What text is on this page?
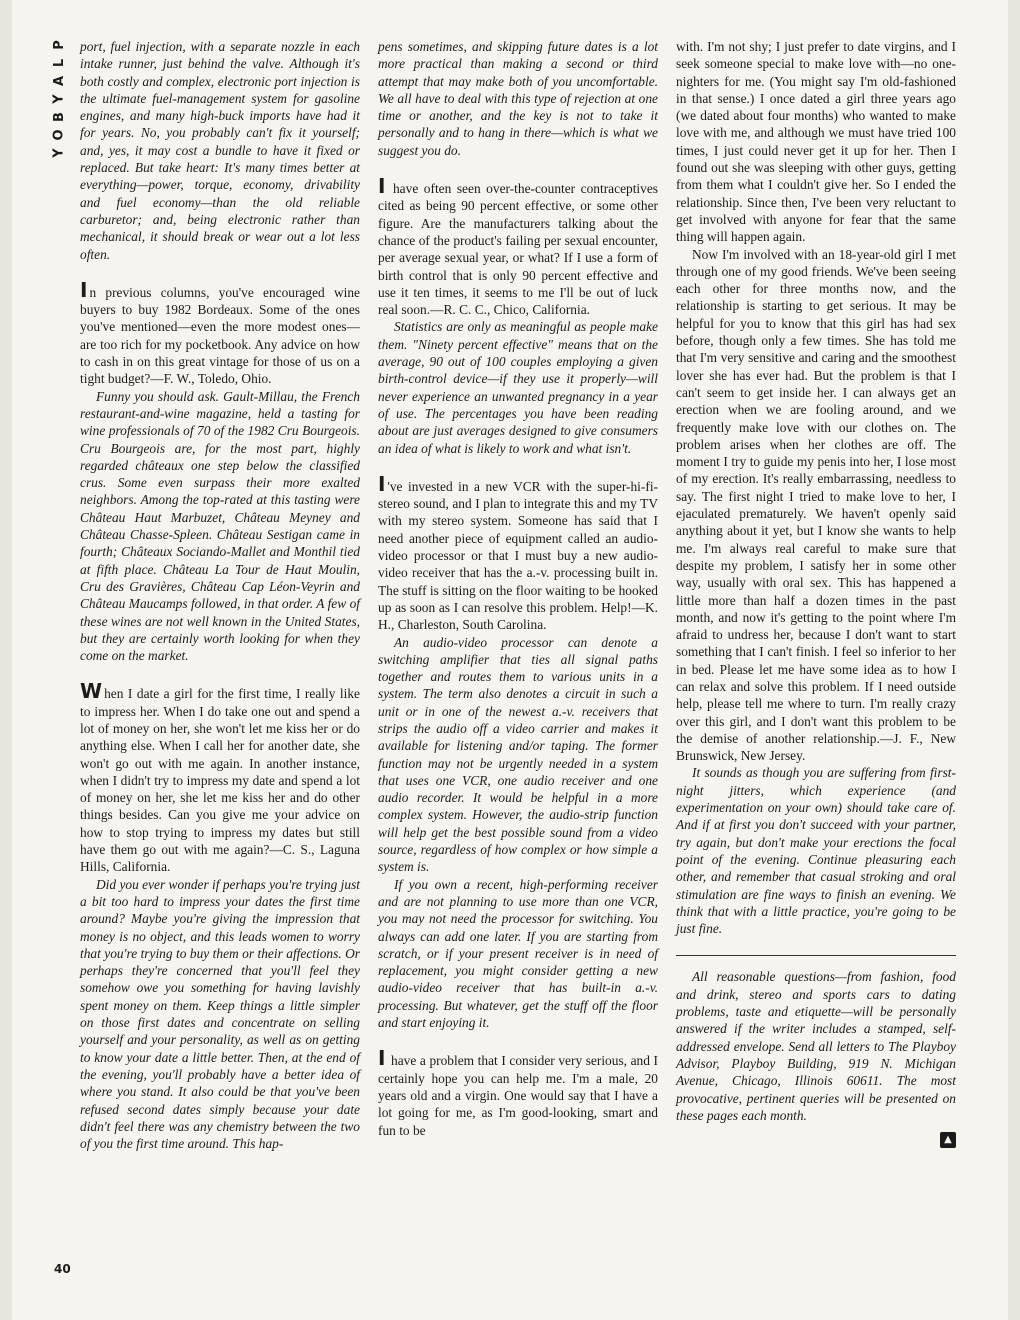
P
L
A
Y
B
O
Y
40

port, fuel injection, with a separate nozzle in each intake runner, just behind the valve. Although it's both costly and complex, electronic port injection is the ultimate fuel-management system for gasoline engines, and many high-buck imports have had it for years. No, you probably can't fix it yourself; and, yes, it may cost a bundle to have it fixed or replaced. But take heart: It's many times better at everything—power, torque, economy, drivability and fuel economy—than the old reliable carburetor; and, being electronic rather than mechanical, it should break or wear out a lot less often.

I n previous columns, you've encouraged wine buyers to buy 1982 Bordeaux. Some of the ones you've mentioned—even the more modest ones—are too rich for my pocketbook. Any advice on how to cash in on this great vintage for those of us on a tight budget?—F. W., Toledo, Ohio.

Funny you should ask. Gault-Millau, the French restaurant-and-wine magazine, held a tasting for wine professionals of 70 of the 1982 Cru Bourgeois. Cru Bourgeois are, for the most part, highly regarded châteaux one step below the classified crus. Some even surpass their more exalted neighbors. Among the top-rated at this tasting were Château Haut Marbuzet, Château Meyney and Château Chasse-Spleen. Château Sestigan came in fourth; Châteaux Sociando-Mallet and Monthil tied at fifth place. Château La Tour de Haut Moulin, Cru des Gravières, Château Cap Léon-Veyrin and Château Maucamps followed, in that order. A few of these wines are not well known in the United States, but they are certainly worth looking for when they come on the market.

W hen I date a girl for the first time, I really like to impress her. When I do take one out and spend a lot of money on her, she won't let me kiss her or do anything else. When I call her for another date, she won't go out with me again. In another instance, when I didn't try to impress my date and spend a lot of money on her, she let me kiss her and do other things besides. Can you give me your advice on how to stop trying to impress my dates but still have them go out with me again?—C. S., Laguna Hills, California.

Did you ever wonder if perhaps you're trying just a bit too hard to impress your dates the first time around? Maybe you're giving the impression that money is no object, and this leads women to worry that you're trying to buy them or their affections. Or perhaps they're concerned that you'll feel they somehow owe you something for having lavishly spent money on them. Keep things a little simpler on those first dates and concentrate on selling yourself and your personality, as well as on getting to know your date a little better. Then, at the end of the evening, you'll probably have a better idea of where you stand. It also could be that you've been refused second dates simply because your date didn't feel there was any chemistry between the two of you the first time around. This hap-

pens sometimes, and skipping future dates is a lot more practical than making a second or third attempt that may make both of you uncomfortable. We all have to deal with this type of rejection at one time or another, and the key is not to take it personally and to hang in there—which is what we suggest you do.

I have often seen over-the-counter contraceptives cited as being 90 percent effective, or some other figure. Are the manufacturers talking about the chance of the product's failing per sexual encounter, per average sexual year, or what? If I use a form of birth control that is only 90 percent effective and use it ten times, it seems to me I'll be out of luck real soon.—R. C. C., Chico, California.

Statistics are only as meaningful as people make them. "Ninety percent effective" means that on the average, 90 out of 100 couples employing a given birth-control device—if they use it properly—will never experience an unwanted pregnancy in a year of use. The percentages you have been reading about are just averages designed to give consumers an idea of what is likely to work and what isn't.

I 've invested in a new VCR with the super-hi-fi-stereo sound, and I plan to integrate this and my TV with my stereo system. Someone has said that I need another piece of equipment called an audio-video processor or that I must buy a new audio-video receiver that has the a.-v. processing built in. The stuff is sitting on the floor waiting to be hooked up as soon as I can resolve this problem. Help!—K. H., Charleston, South Carolina.

An audio-video processor can denote a switching amplifier that ties all signal paths together and routes them to various units in a system. The term also denotes a circuit in such a unit or in one of the newest a.-v. receivers that strips the audio off a video carrier and makes it available for listening and/or taping. The former function may not be urgently needed in a system that uses one VCR, one audio receiver and one audio recorder. It would be helpful in a more complex system. However, the audio-strip function will help get the best possible sound from a video source, regardless of how complex or how simple a system is.

If you own a recent, high-performing receiver and are not planning to use more than one VCR, you may not need the processor for switching. You always can add one later. If you are starting from scratch, or if your present receiver is in need of replacement, you might consider getting a new audio-video receiver that has built-in a.-v. processing. But whatever, get the stuff off the floor and start enjoying it.

I have a problem that I consider very serious, and I certainly hope you can help me. I'm a male, 20 years old and a virgin. One would say that I have a lot going for me, as I'm good-looking, smart and fun to be

with. I'm not shy; I just prefer to date virgins, and I seek someone special to make love with—no one-nighters for me. (You might say I'm old-fashioned in that sense.) I once dated a girl three years ago (we dated about four months) who wanted to make love with me, and although we must have tried 100 times, I just could never get it up for her. Then I found out she was sleeping with other guys, getting from them what I couldn't give her. So I ended the relationship. Since then, I've been very reluctant to get involved with anyone for fear that the same thing will happen again.

Now I'm involved with an 18-year-old girl I met through one of my good friends. We've been seeing each other for three months now, and the relationship is starting to get serious. It may be helpful for you to know that this girl has had sex before, though only a few times. She has told me that I'm very sensitive and caring and the smoothest lover she has ever had. But the problem is that I can't seem to get inside her. I can always get an erection when we are fooling around, and we frequently make love with our clothes on. The problem arises when her clothes are off. The moment I try to guide my penis into her, I lose most of my erection. It's really embarrassing, needless to say. The first night I tried to make love to her, I ejaculated prematurely. We haven't openly said anything about it yet, but I know she wants to help me. I'm always real careful to make sure that despite my problem, I satisfy her in some other way, usually with oral sex. This has happened a little more than half a dozen times in the past month, and now it's getting to the point where I'm afraid to undress her, because I don't want to start something that I can't finish. I feel so inferior to her in bed. Please let me have some idea as to how I can relax and solve this problem. If I need outside help, please tell me where to turn. I'm really crazy over this girl, and I don't want this problem to be the demise of another relationship.—J. F., New Brunswick, New Jersey.

It sounds as though you are suffering from first-night jitters, which experience (and experimentation on your own) should take care of. And if at first you don't succeed with your partner, try again, but don't make your erections the focal point of the evening. Continue pleasuring each other, and remember that casual stroking and oral stimulation are fine ways to finish an evening. We think that with a little practice, you're going to be just fine.

All reasonable questions—from fashion, food and drink, stereo and sports cars to dating problems, taste and etiquette—will be personally answered if the writer includes a stamped, self-addressed envelope. Send all letters to The Playboy Advisor, Playboy Building, 919 N. Michigan Avenue, Chicago, Illinois 60611. The most provocative, pertinent queries will be presented on these pages each month.

▲
